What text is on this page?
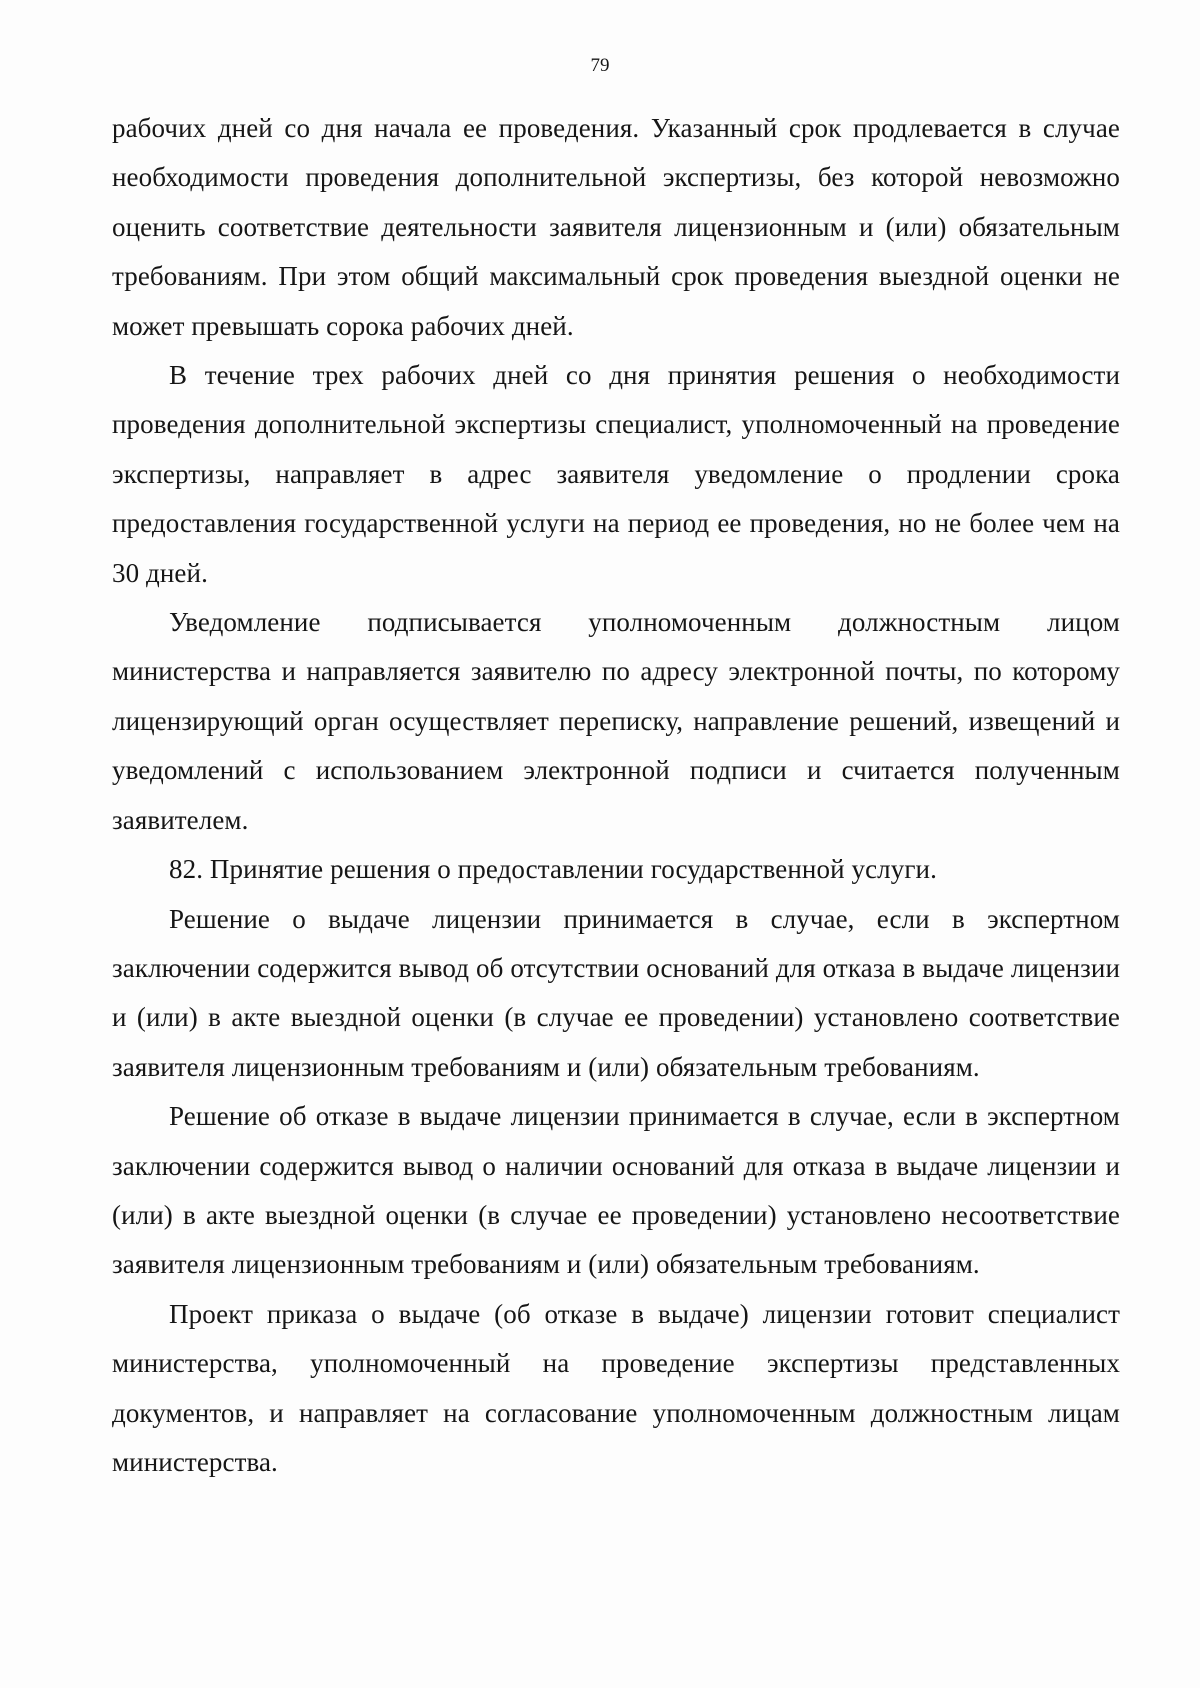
79

рабочих дней со дня начала ее проведения. Указанный срок продлевается в случае необходимости проведения дополнительной экспертизы, без которой невозможно оценить соответствие деятельности заявителя лицензионным и (или) обязательным требованиям. При этом общий максимальный срок проведения выездной оценки не может превышать сорока рабочих дней.

В течение трех рабочих дней со дня принятия решения о необходимости проведения дополнительной экспертизы специалист, уполномоченный на проведение экспертизы, направляет в адрес заявителя уведомление о продлении срока предоставления государственной услуги на период ее проведения, но не более чем на 30 дней.

Уведомление подписывается уполномоченным должностным лицом министерства и направляется заявителю по адресу электронной почты, по которому лицензирующий орган осуществляет переписку, направление решений, извещений и уведомлений с использованием электронной подписи и считается полученным заявителем.

82. Принятие решения о предоставлении государственной услуги.

Решение о выдаче лицензии принимается в случае, если в экспертном заключении содержится вывод об отсутствии оснований для отказа в выдаче лицензии и (или) в акте выездной оценки (в случае ее проведении) установлено соответствие заявителя лицензионным требованиям и (или) обязательным требованиям.

Решение об отказе в выдаче лицензии принимается в случае, если в экспертном заключении содержится вывод о наличии оснований для отказа в выдаче лицензии и (или) в акте выездной оценки (в случае ее проведении) установлено несоответствие заявителя лицензионным требованиям и (или) обязательным требованиям.

Проект приказа о выдаче (об отказе в выдаче) лицензии готовит специалист министерства, уполномоченный на проведение экспертизы представленных документов, и направляет на согласование уполномоченным должностным лицам министерства.
